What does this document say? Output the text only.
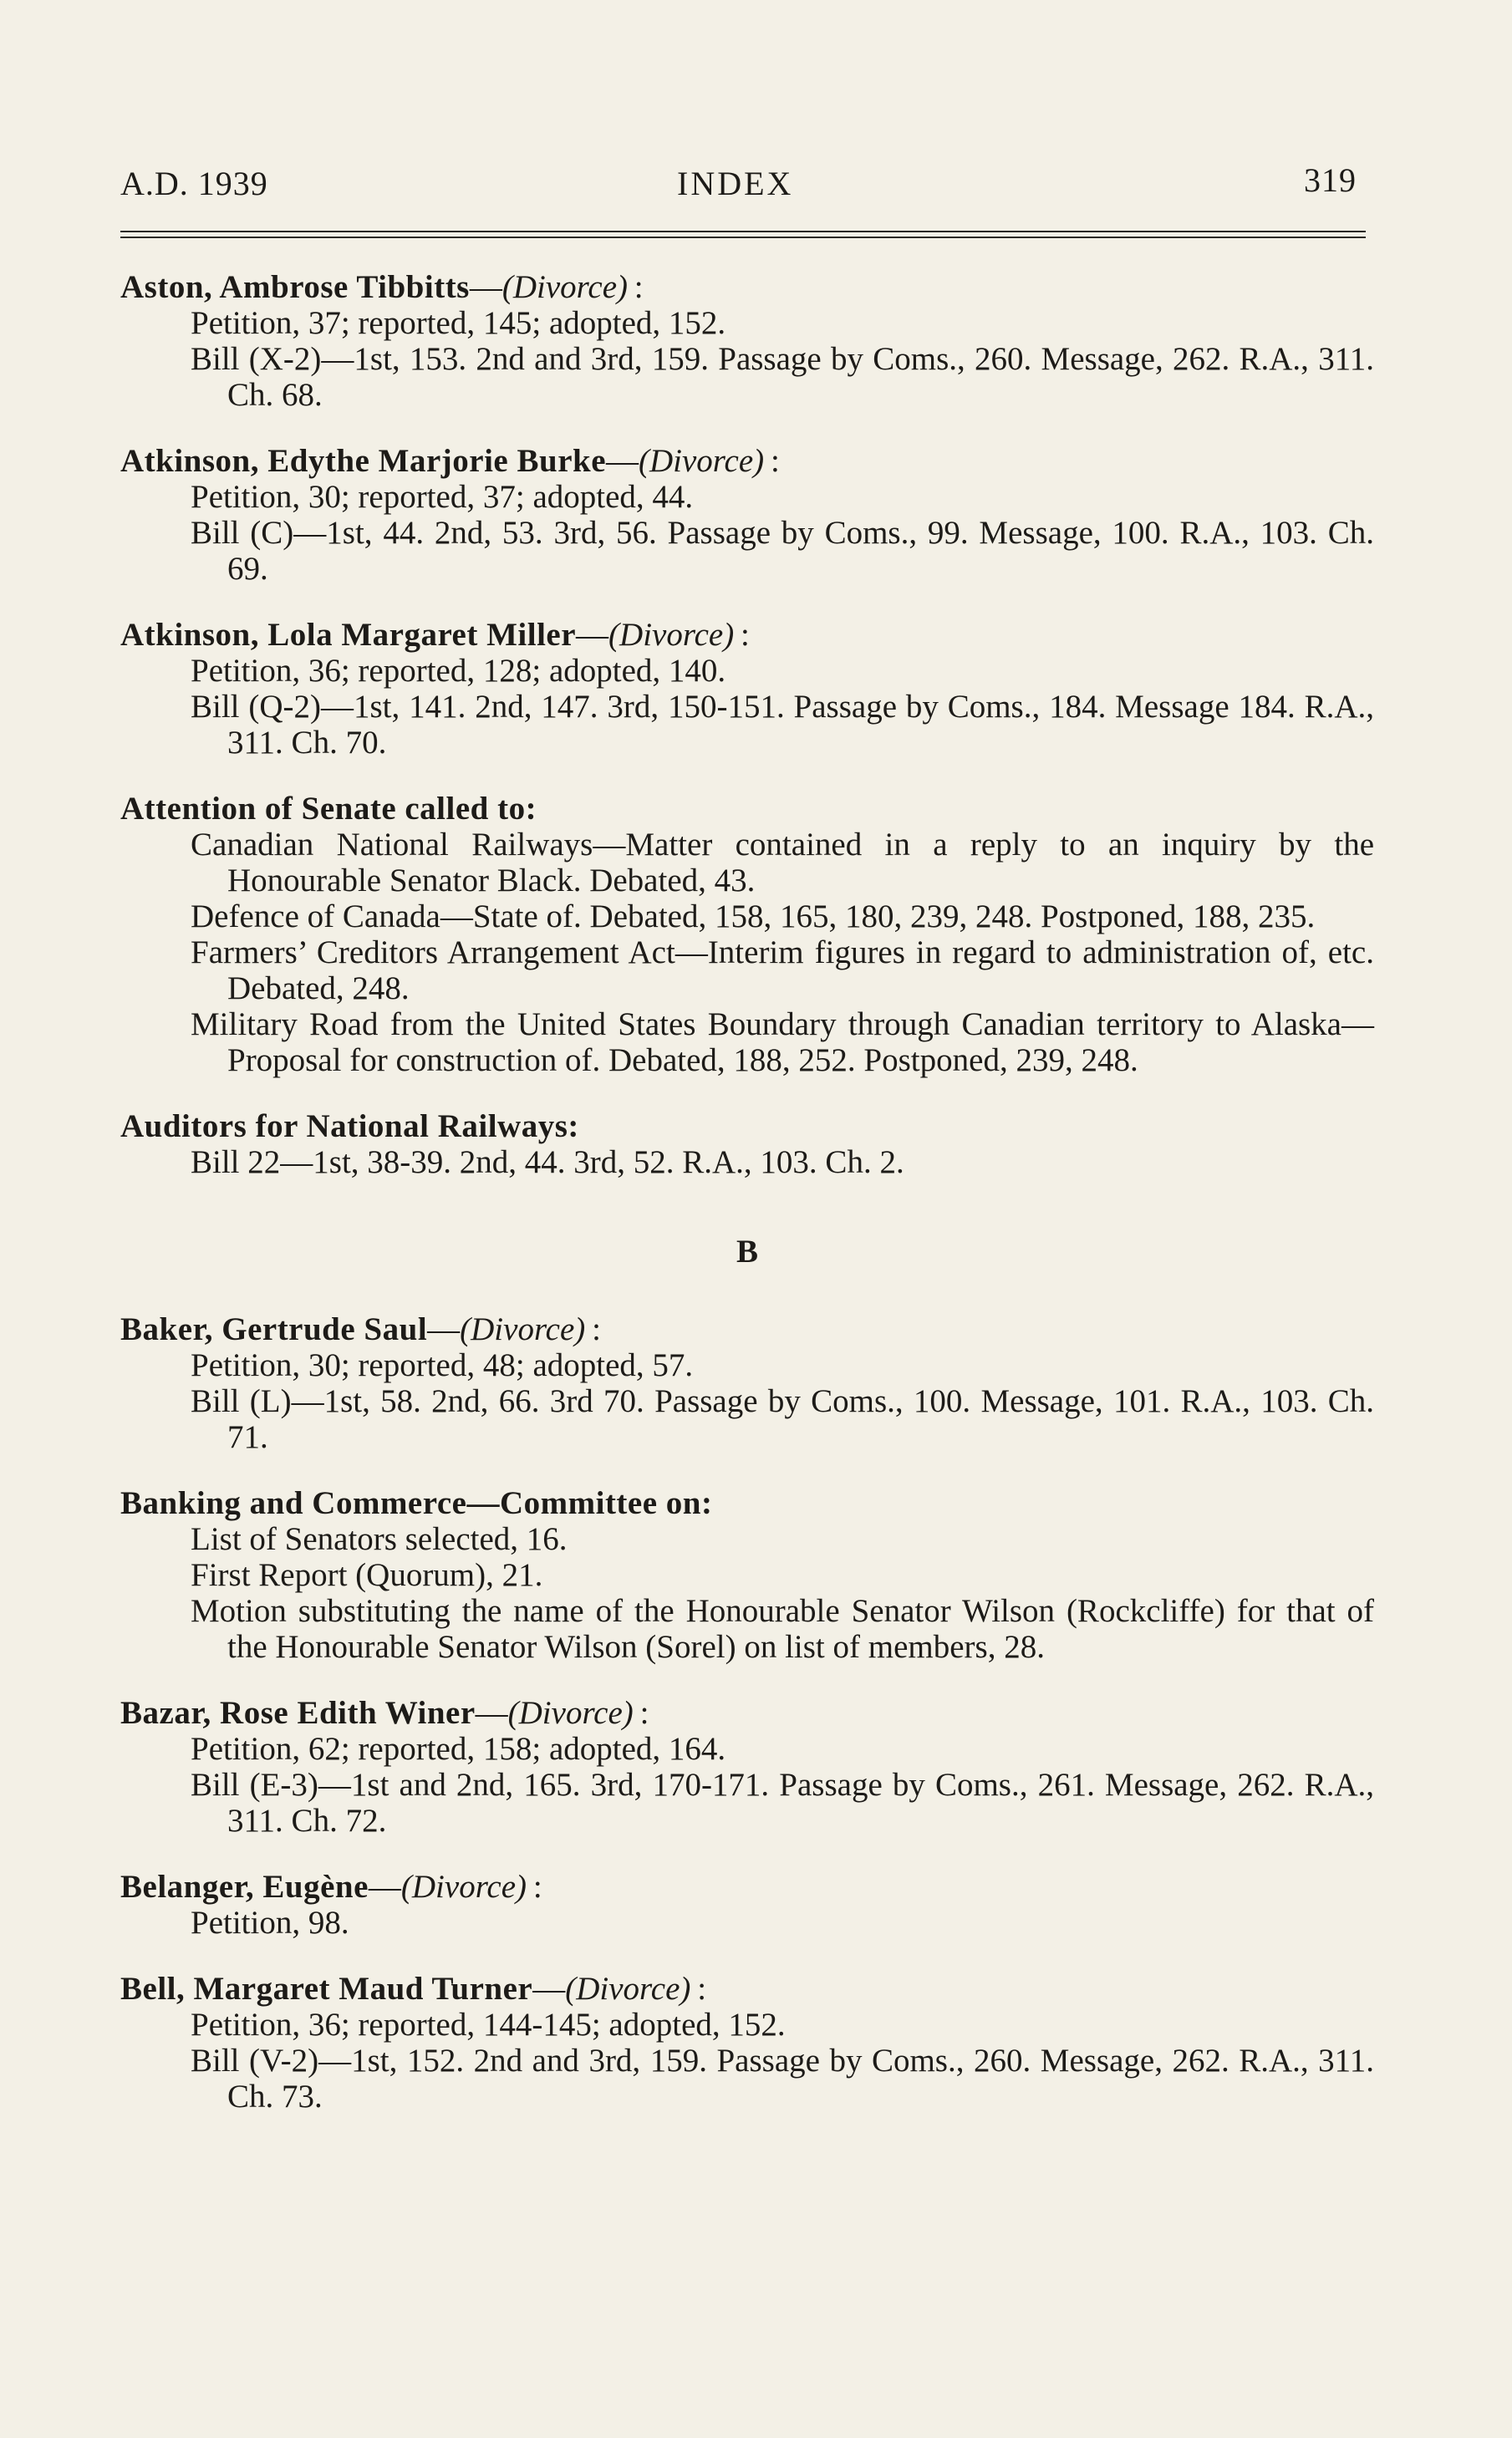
A.D. 1939	INDEX	319

Aston, Ambrose Tibbitts—(Divorce) :

Petition, 37; reported, 145; adopted, 152.

Bill (X-2)—1st, 153. 2nd and 3rd, 159. Passage by Coms., 260. Message, 262. R.A., 311. Ch. 68.

Atkinson, Edythe Marjorie Burke—(Divorce) :

Petition, 30; reported, 37; adopted, 44.

Bill (C)—1st, 44. 2nd, 53. 3rd, 56. Passage by Coms., 99. Message, 100. R.A., 103. Ch. 69.

Atkinson, Lola Margaret Miller—(Divorce) :

Petition, 36; reported, 128; adopted, 140.

Bill (Q-2)—1st, 141. 2nd, 147. 3rd, 150-151. Passage by Coms., 184. Message 184. R.A., 311. Ch. 70.

Attention of Senate called to:

Canadian National Railways—Matter contained in a reply to an inquiry by the Honourable Senator Black. Debated, 43.

Defence of Canada—State of. Debated, 158, 165, 180, 239, 248. Postponed, 188, 235.

Farmers’ Creditors Arrangement Act—Interim figures in regard to administration of, etc. Debated, 248.

Military Road from the United States Boundary through Canadian territory to Alaska—Proposal for construction of. Debated, 188, 252. Postponed, 239, 248.

Auditors for National Railways:

Bill 22—1st, 38-39. 2nd, 44. 3rd, 52. R.A., 103. Ch. 2.

B

Baker, Gertrude Saul—(Divorce) :

Petition, 30; reported, 48; adopted, 57.

Bill (L)—1st, 58. 2nd, 66. 3rd 70. Passage by Coms., 100. Message, 101. R.A., 103. Ch. 71.

Banking and Commerce—Committee on:

List of Senators selected, 16.

First Report (Quorum), 21.

Motion substituting the name of the Honourable Senator Wilson (Rockcliffe) for that of the Honourable Senator Wilson (Sorel) on list of members, 28.

Bazar, Rose Edith Winer—(Divorce) :

Petition, 62; reported, 158; adopted, 164.

Bill (E-3)—1st and 2nd, 165. 3rd, 170-171. Passage by Coms., 261. Message, 262. R.A., 311. Ch. 72.

Belanger, Eugène—(Divorce) :

Petition, 98.

Bell, Margaret Maud Turner—(Divorce) :

Petition, 36; reported, 144-145; adopted, 152.

Bill (V-2)—1st, 152. 2nd and 3rd, 159. Passage by Coms., 260. Message, 262. R.A., 311. Ch. 73.
